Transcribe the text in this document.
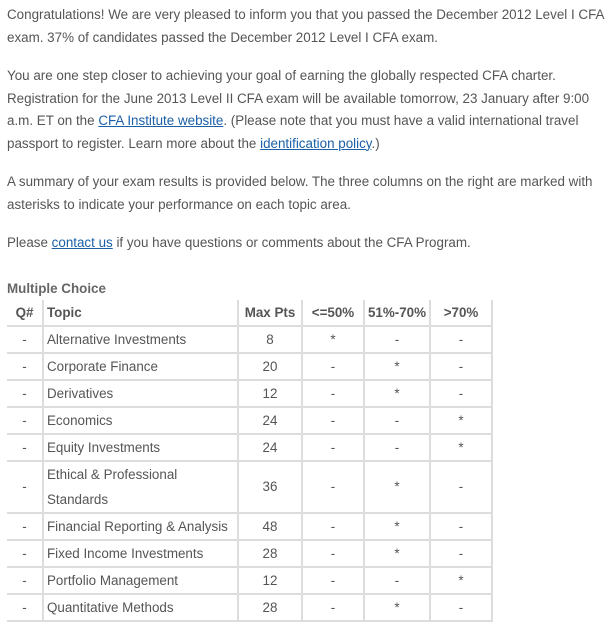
Congratulations! We are very pleased to inform you that you passed the December 2012 Level I CFA exam. 37% of candidates passed the December 2012 Level I CFA exam.

You are one step closer to achieving your goal of earning the globally respected CFA charter. Registration for the June 2013 Level II CFA exam will be available tomorrow, 23 January after 9:00 a.m. ET on the CFA Institute website. (Please note that you must have a valid international travel passport to register. Learn more about the identification policy.)

A summary of your exam results is provided below. The three columns on the right are marked with asterisks to indicate your performance on each topic area.

Please contact us if you have questions or comments about the CFA Program.

Multiple Choice
Q#	Topic	Max Pts	<=50%	51%-70%	>70%
-	Alternative Investments	8	*	-	-
-	Corporate Finance	20	-	*	-
-	Derivatives	12	-	*	-
-	Economics	24	-	-	*
-	Equity Investments	24	-	-	*
-	Ethical & Professional Standards	36	-	*	-
-	Financial Reporting & Analysis	48	-	*	-
-	Fixed Income Investments	28	-	*	-
-	Portfolio Management	12	-	-	*
-	Quantitative Methods	28	-	*	-
